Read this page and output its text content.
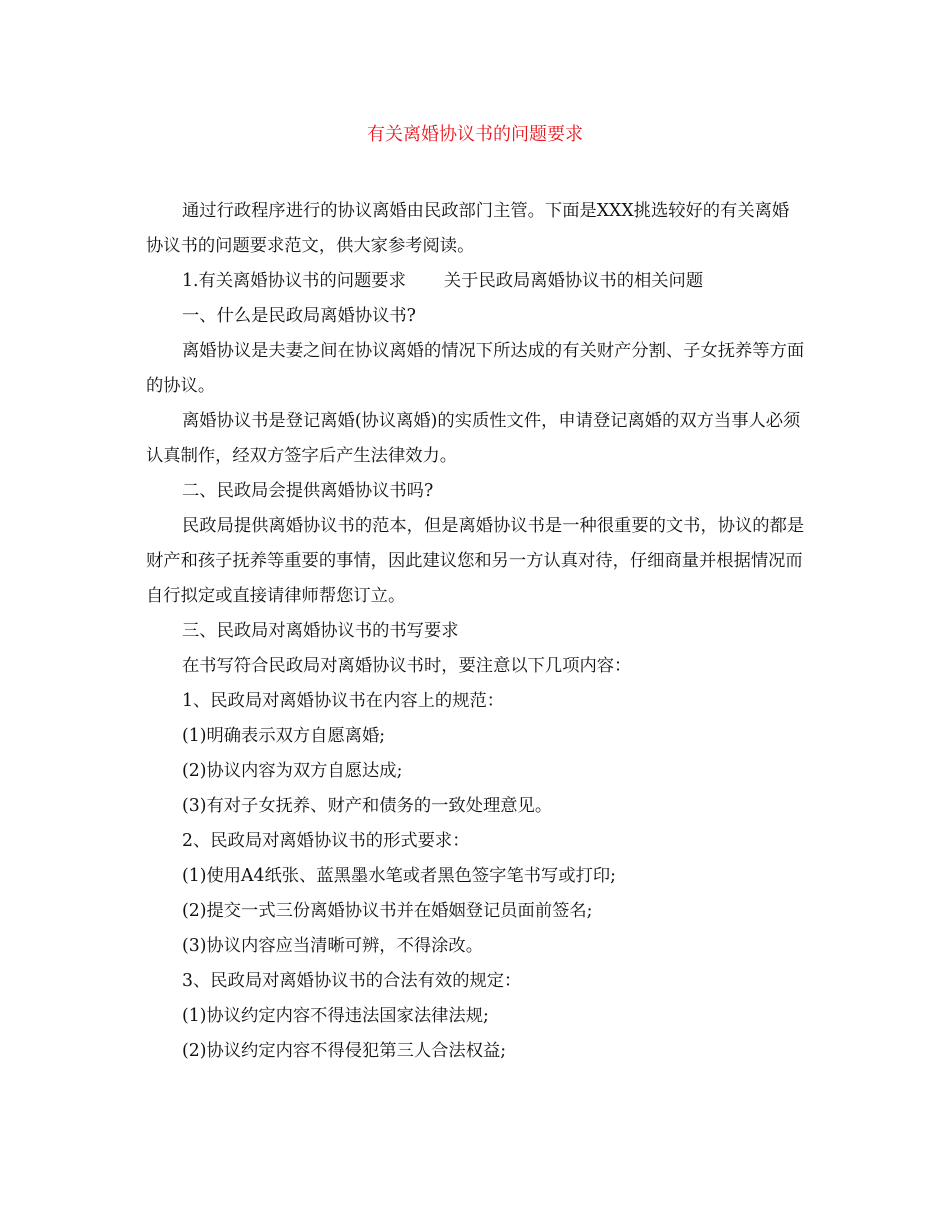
有关离婚协议书的问题要求

通过行政程序进行的协议离婚由民政部门主管。下面是XXX挑选较好的有关离婚协议书的问题要求范文，供大家参考阅读。

1.有关离婚协议书的问题要求 关于民政局离婚协议书的相关问题

一、什么是民政局离婚协议书?

离婚协议是夫妻之间在协议离婚的情况下所达成的有关财产分割、子女抚养等方面的协议。

离婚协议书是登记离婚(协议离婚)的实质性文件，申请登记离婚的双方当事人必须认真制作，经双方签字后产生法律效力。

二、民政局会提供离婚协议书吗?

民政局提供离婚协议书的范本，但是离婚协议书是一种很重要的文书，协议的都是财产和孩子抚养等重要的事情，因此建议您和另一方认真对待，仔细商量并根据情况而自行拟定或直接请律师帮您订立。

三、民政局对离婚协议书的书写要求

在书写符合民政局对离婚协议书时，要注意以下几项内容：

1、民政局对离婚协议书在内容上的规范：

(1)明确表示双方自愿离婚;

(2)协议内容为双方自愿达成;

(3)有对子女抚养、财产和债务的一致处理意见。

2、民政局对离婚协议书的形式要求：

(1)使用A4纸张、蓝黑墨水笔或者黑色签字笔书写或打印;

(2)提交一式三份离婚协议书并在婚姻登记员面前签名;

(3)协议内容应当清晰可辨，不得涂改。

3、民政局对离婚协议书的合法有效的规定：

(1)协议约定内容不得违法国家法律法规;

(2)协议约定内容不得侵犯第三人合法权益;
